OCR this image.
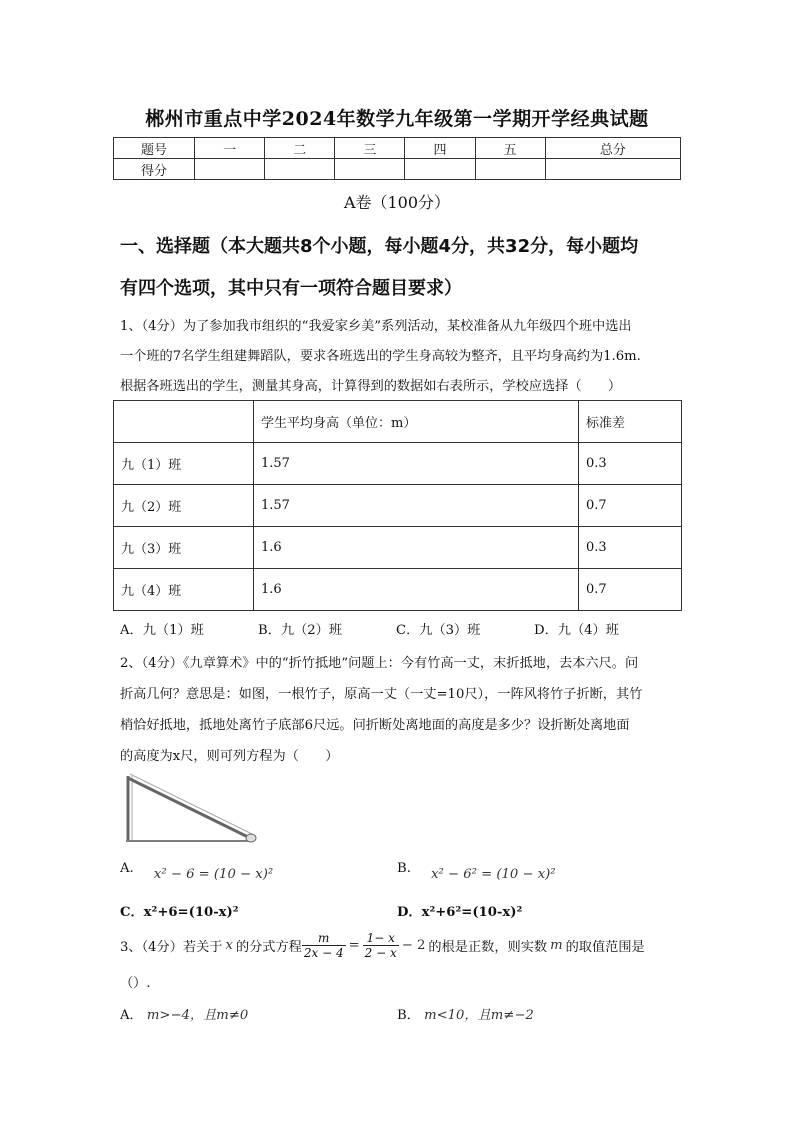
郴州市重点中学2024年数学九年级第一学期开学经典试题
题号	一	二	三	四	五	总分
得分						
A卷（100分）
一、选择题（本大题共8个小题，每小题4分，共32分，每小题均
有四个选项，其中只有一项符合题目要求）
1、（4分）为了参加我市组织的“我爱家乡美”系列活动，某校准备从九年级四个班中选出
一个班的7名学生组建舞蹈队，要求各班选出的学生身高较为整齐，且平均身高约为1.6m.
根据各班选出的学生，测量其身高，计算得到的数据如右表所示，学校应选择（　　）
	学生平均身高（单位：m）	标准差
九（1）班	1.57	0.3
九（2）班	1.57	0.7
九（3）班	1.6	0.3
九（4）班	1.6	0.7
A．九（1）班	B．九（2）班	C．九（3）班	D．九（4）班
2、（4分）《九章算术》中的“折竹抵地”问题上：今有竹高一丈，末折抵地，去本六尺。问
折高几何？意思是：如图，一根竹子，原高一丈（一丈=10尺），一阵风将竹子折断，其竹
梢恰好抵地，抵地处离竹子底部6尺远。问折断处离地面的高度是多少？设折断处离地面
的高度为x尺，则可列方程为（　　）
A. x² − 6 = (10 − x)²	B. x² − 6² = (10 − x)²
C．x²+6=(10-x)²	D．x²+6²=(10-x)²
3、（4分）若关于 x 的分式方程 $\frac{m}{2x - 4} = \frac{1- x}{2 - x} - 2$ 的根是正数，则实数 m 的取值范围是
（）.
A． m>−4，且m≠0	B． m<10，且m≠−2
